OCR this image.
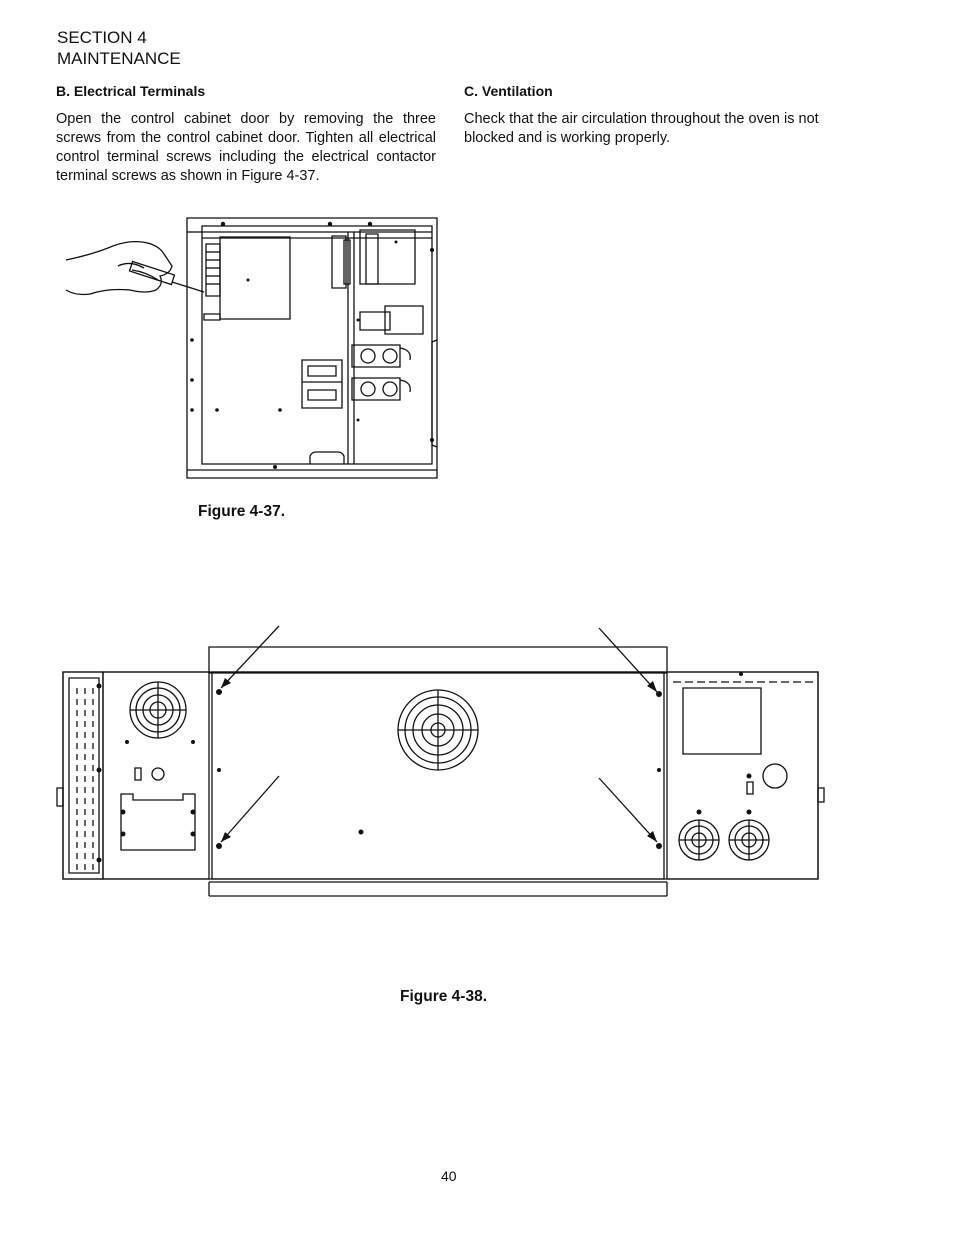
SECTION 4
MAINTENANCE
B. Electrical Terminals
Open the control cabinet door by removing the three screws from the control cabinet door. Tighten all electrical control terminal screws including the electrical contactor terminal screws as shown in Figure 4-37.
C. Ventilation
Check that the air circulation throughout the oven is not blocked and is working properly.
Figure 4-37.
Figure 4-38.
40
